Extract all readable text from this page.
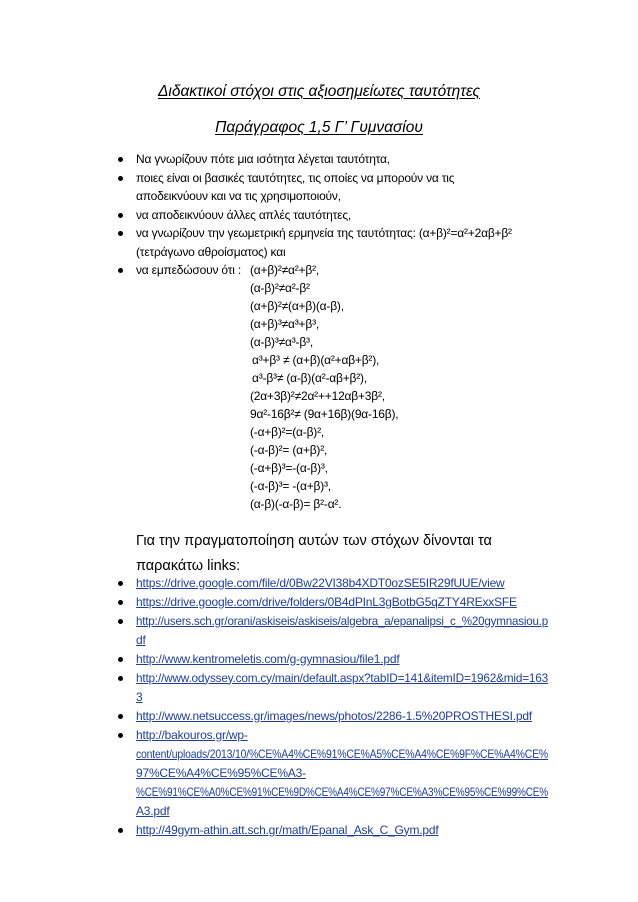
Διδακτικοί στόχοι στις αξιοσημείωτες ταυτότητες
Παράγραφος 1,5 Γ’ Γυμνασίου
Να γνωρίζουν πότε μια ισότητα λέγεται ταυτότητα,
ποιες είναι οι βασικές ταυτότητες, τις οποίες να μπορούν να τις
αποδεικνύουν και να τις χρησιμοποιούν,
να αποδεικνύουν άλλες απλές ταυτότητες,
να γνωρίζουν την γεωμετρική ερμηνεία της ταυτότητας: (α+β)²=α²+2αβ+β²
(τετράγωνο αθροίσματος) και
να εμπεδώσουν ότι : (α+β)²≠α²+β²,
(α-β)²≠α²-β²
(α+β)²≠(α+β)(α-β),
(α+β)³≠α³+β³,
(α-β)³≠α³-β³,
α³+β³ ≠ (α+β)(α²+αβ+β²),
α³-β³≠ (α-β)(α²-αβ+β²),
(2α+3β)²≠2α²++12αβ+3β²,
9α²-16β²≠ (9α+16β)(9α-16β),
(-α+β)²=(α-β)²,
(-α-β)²= (α+β)²,
(-α+β)³=-(α-β)³,
(-α-β)³= -(α+β)³,
(α-β)(-α-β)= β²-α².
Για την πραγματοποίηση αυτών των στόχων δίνονται τα
παρακάτω links:
https://drive.google.com/file/d/0Bw22VI38b4XDT0ozSE5IR29fUUE/view
https://drive.google.com/drive/folders/0B4dPInL3gBotbG5qZTY4RExxSFE
http://users.sch.gr/orani/askiseis/askiseis/algebra_a/epanalipsi_c_%20gymnasiou.p
df
http://www.kentromeletis.com/g-gymnasiou/file1.pdf
http://www.odyssey.com.cy/main/default.aspx?tabID=141&itemID=1962&mid=163
3
http://www.netsuccess.gr/images/news/photos/2286-1.5%20PROSTHESI.pdf
http://bakouros.gr/wp-
content/uploads/2013/10/%CE%A4%CE%91%CE%A5%CE%A4%CE%9F%CE%A4%CE%
97%CE%A4%CE%95%CE%A3-
%CE%91%CE%A0%CE%91%CE%9D%CE%A4%CE%97%CE%A3%CE%95%CE%99%CE%
A3.pdf
http://49gym-athin.att.sch.gr/math/Epanal_Ask_C_Gym.pdf
